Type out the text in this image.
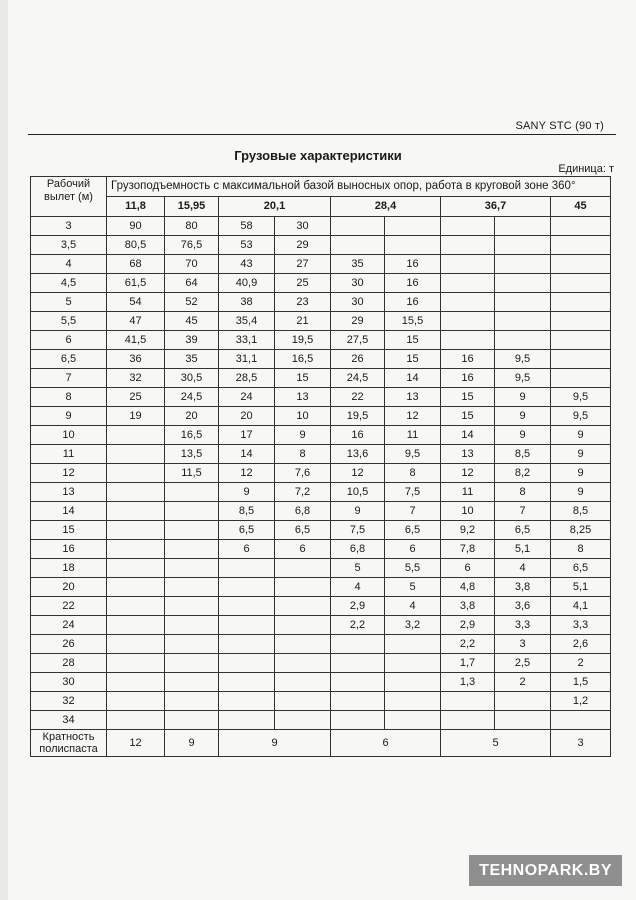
SANY STC (90 т)
Грузовые характеристики
Единица: т
Рабочий вылет (м)	Грузоподъемность с максимальной базой выносных опор, работа в круговой зоне 360°								
	11,8	15,95	20,1		28,4		36,7		45
3	90	80	58	30					
3,5	80,5	76,5	53	29					
4	68	70	43	27	35	16			
4,5	61,5	64	40,9	25	30	16			
5	54	52	38	23	30	16			
5,5	47	45	35,4	21	29	15,5			
6	41,5	39	33,1	19,5	27,5	15			
6,5	36	35	31,1	16,5	26	15	16	9,5	
7	32	30,5	28,5	15	24,5	14	16	9,5	
8	25	24,5	24	13	22	13	15	9	9,5
9	19	20	20	10	19,5	12	15	9	9,5
10		16,5	17	9	16	11	14	9	9
11		13,5	14	8	13,6	9,5	13	8,5	9
12		11,5	12	7,6	12	8	12	8,2	9
13			9	7,2	10,5	7,5	11	8	9
14			8,5	6,8	9	7	10	7	8,5
15			6,5	6,5	7,5	6,5	9,2	6,5	8,25
16			6	6	6,8	6	7,8	5,1	8
18					5	5,5	6	4	6,5
20					4	5	4,8	3,8	5,1
22					2,9	4	3,8	3,6	4,1
24					2,2	3,2	2,9	3,3	3,3
26							2,2	3	2,6
28							1,7	2,5	2
30							1,3	2	1,5
32									1,2
34									
Кратность полиспаста	12	9	9		6		5		3
TEHNOPARK.BY
